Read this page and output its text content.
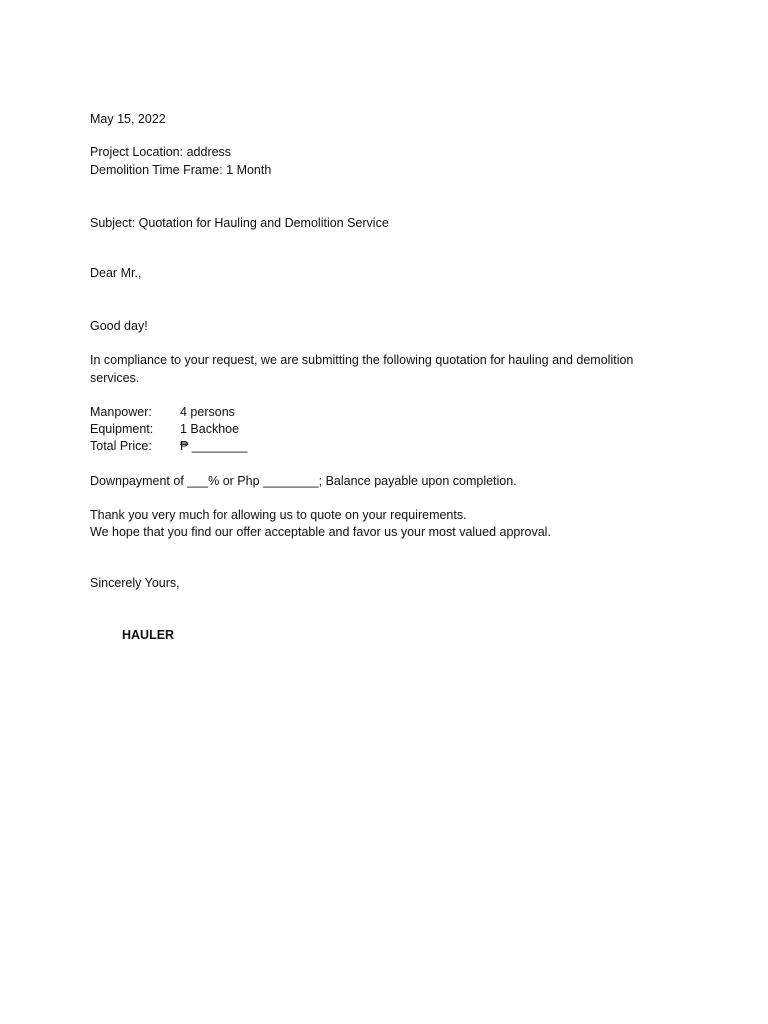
May 15, 2022
Project Location: address
Demolition Time Frame: 1 Month
Subject: Quotation for Hauling and Demolition Service
Dear Mr.,
Good day!
In compliance to your request, we are submitting the following quotation for hauling and demolition
services.
Manpower: 4 persons
Equipment: 1 Backhoe
Total Price: ₱ ________
Downpayment of ___% or Php ________; Balance payable upon completion.
Thank you very much for allowing us to quote on your requirements.
We hope that you find our offer acceptable and favor us your most valued approval.
Sincerely Yours,
HAULER
